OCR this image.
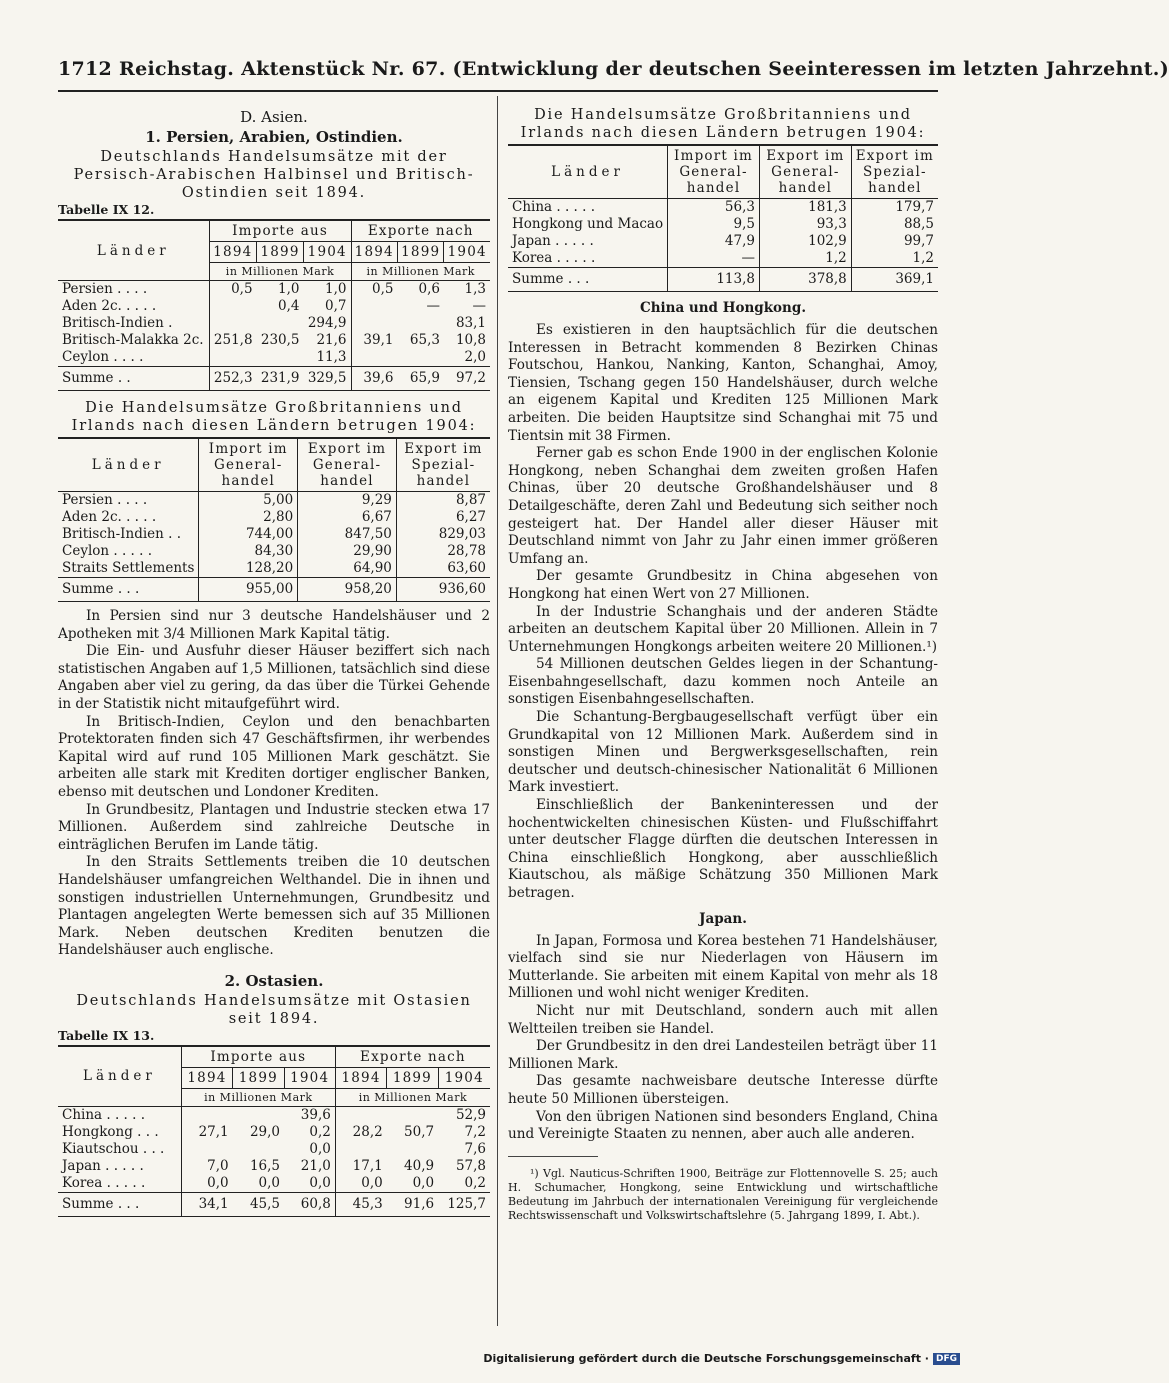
1712 Reichstag. Aktenstück Nr. 67. (Entwicklung der deutschen Seeinteressen im letzten Jahrzehnt.)
D. Asien.
1. Persien, Arabien, Ostindien.
Deutschlands Handelsumsätze mit der Persisch-Arabischen Halbinsel und Britisch-Ostindien seit 1894.
Tabelle IX 12.
Länder	Importe aus			Exporte nach		
	1894	1899	1904	1894	1899	1904
	in Millionen Mark			in Millionen Mark		
Persien . . . .	0,5	1,0	1,0	0,5	0,6	1,3
Aden 2c. . . . .		0,4	0,7		—	—
Britisch-Indien .			294,9			83,1
Britisch-Malakka 2c.	251,8	230,5	21,6	39,1	65,3	10,8
Ceylon . . . .			11,3			2,0
Summe . .	252,3	231,9	329,5	39,6	65,9	97,2
Die Handelsumsätze Großbritanniens und Irlands nach diesen Ländern betrugen 1904:
Länder	Import im General-handel	Export im General-handel	Export im Spezial-handel
Persien . . . .	5,00	9,29	8,87
Aden 2c. . . . .	2,80	6,67	6,27
Britisch-Indien . .	744,00	847,50	829,03
Ceylon . . . . .	84,30	29,90	28,78
Straits Settlements	128,20	64,90	63,60
Summe . . .	955,00	958,20	936,60

In Persien sind nur 3 deutsche Handelshäuser und 2 Apotheken mit 3/4 Millionen Mark Kapital tätig.

Die Ein- und Ausfuhr dieser Häuser beziffert sich nach statistischen Angaben auf 1,5 Millionen, tatsächlich sind diese Angaben aber viel zu gering, da das über die Türkei Gehende in der Statistik nicht mitaufgeführt wird.

In Britisch-Indien, Ceylon und den benachbarten Protektoraten finden sich 47 Geschäftsfirmen, ihr werbendes Kapital wird auf rund 105 Millionen Mark geschätzt. Sie arbeiten alle stark mit Krediten dortiger englischer Banken, ebenso mit deutschen und Londoner Krediten.

In Grundbesitz, Plantagen und Industrie stecken etwa 17 Millionen. Außerdem sind zahlreiche Deutsche in einträglichen Berufen im Lande tätig.

In den Straits Settlements treiben die 10 deutschen Handelshäuser umfangreichen Welthandel. Die in ihnen und sonstigen industriellen Unternehmungen, Grundbesitz und Plantagen angelegten Werte bemessen sich auf 35 Millionen Mark. Neben deutschen Krediten benutzen die Handelshäuser auch englische.

2. Ostasien.
Deutschlands Handelsumsätze mit Ostasien seit 1894.
Tabelle IX 13.
Länder	Importe aus			Exporte nach		
	1894	1899	1904	1894	1899	1904
	in Millionen Mark			in Millionen Mark		
China . . . . .			39,6			52,9
Hongkong . . .	27,1	29,0	0,2	28,2	50,7	7,2
Kiautschou . . .			0,0			7,6
Japan . . . . .	7,0	16,5	21,0	17,1	40,9	57,8
Korea . . . . .	0,0	0,0	0,0	0,0	0,0	0,2
Summe . . .	34,1	45,5	60,8	45,3	91,6	125,7
Die Handelsumsätze Großbritanniens und Irlands nach diesen Ländern betrugen 1904:
Länder	Import im General-handel	Export im General-handel	Export im Spezial-handel
China . . . . .	56,3	181,3	179,7
Hongkong und Macao	9,5	93,3	88,5
Japan . . . . .	47,9	102,9	99,7
Korea . . . . .	—	1,2	1,2
Summe . . .	113,8	378,8	369,1
China und Hongkong.

Es existieren in den hauptsächlich für die deutschen Interessen in Betracht kommenden 8 Bezirken Chinas Foutschou, Hankou, Nanking, Kanton, Schanghai, Amoy, Tiensien, Tschang gegen 150 Handelshäuser, durch welche an eigenem Kapital und Krediten 125 Millionen Mark arbeiten. Die beiden Hauptsitze sind Schanghai mit 75 und Tientsin mit 38 Firmen.

Ferner gab es schon Ende 1900 in der englischen Kolonie Hongkong, neben Schanghai dem zweiten großen Hafen Chinas, über 20 deutsche Großhandelshäuser und 8 Detailgeschäfte, deren Zahl und Bedeutung sich seither noch gesteigert hat. Der Handel aller dieser Häuser mit Deutschland nimmt von Jahr zu Jahr einen immer größeren Umfang an.

Der gesamte Grundbesitz in China abgesehen von Hongkong hat einen Wert von 27 Millionen.

In der Industrie Schanghais und der anderen Städte arbeiten an deutschem Kapital über 20 Millionen. Allein in 7 Unternehmungen Hongkongs arbeiten weitere 20 Millionen.¹)

54 Millionen deutschen Geldes liegen in der Schantung-Eisenbahngesellschaft, dazu kommen noch Anteile an sonstigen Eisenbahngesellschaften.

Die Schantung-Bergbaugesellschaft verfügt über ein Grundkapital von 12 Millionen Mark. Außerdem sind in sonstigen Minen und Bergwerksgesellschaften, rein deutscher und deutsch-chinesischer Nationalität 6 Millionen Mark investiert.

Einschließlich der Bankeninteressen und der hochentwickelten chinesischen Küsten- und Flußschiffahrt unter deutscher Flagge dürften die deutschen Interessen in China einschließlich Hongkong, aber ausschließlich Kiautschou, als mäßige Schätzung 350 Millionen Mark betragen.

Japan.

In Japan, Formosa und Korea bestehen 71 Handelshäuser, vielfach sind sie nur Niederlagen von Häusern im Mutterlande. Sie arbeiten mit einem Kapital von mehr als 18 Millionen und wohl nicht weniger Krediten.

Nicht nur mit Deutschland, sondern auch mit allen Weltteilen treiben sie Handel.

Der Grundbesitz in den drei Landesteilen beträgt über 11 Millionen Mark.

Das gesamte nachweisbare deutsche Interesse dürfte heute 50 Millionen übersteigen.

Von den übrigen Nationen sind besonders England, China und Vereinigte Staaten zu nennen, aber auch alle anderen.

¹) Vgl. Nauticus-Schriften 1900, Beiträge zur Flottennovelle S. 25; auch H. Schumacher, Hongkong, seine Entwicklung und wirtschaftliche Bedeutung im Jahrbuch der internationalen Vereinigung für vergleichende Rechtswissenschaft und Volkswirtschaftslehre (5. Jahrgang 1899, I. Abt.).
Digitalisierung gefördert durch die Deutsche Forschungsgemeinschaft · DFG
